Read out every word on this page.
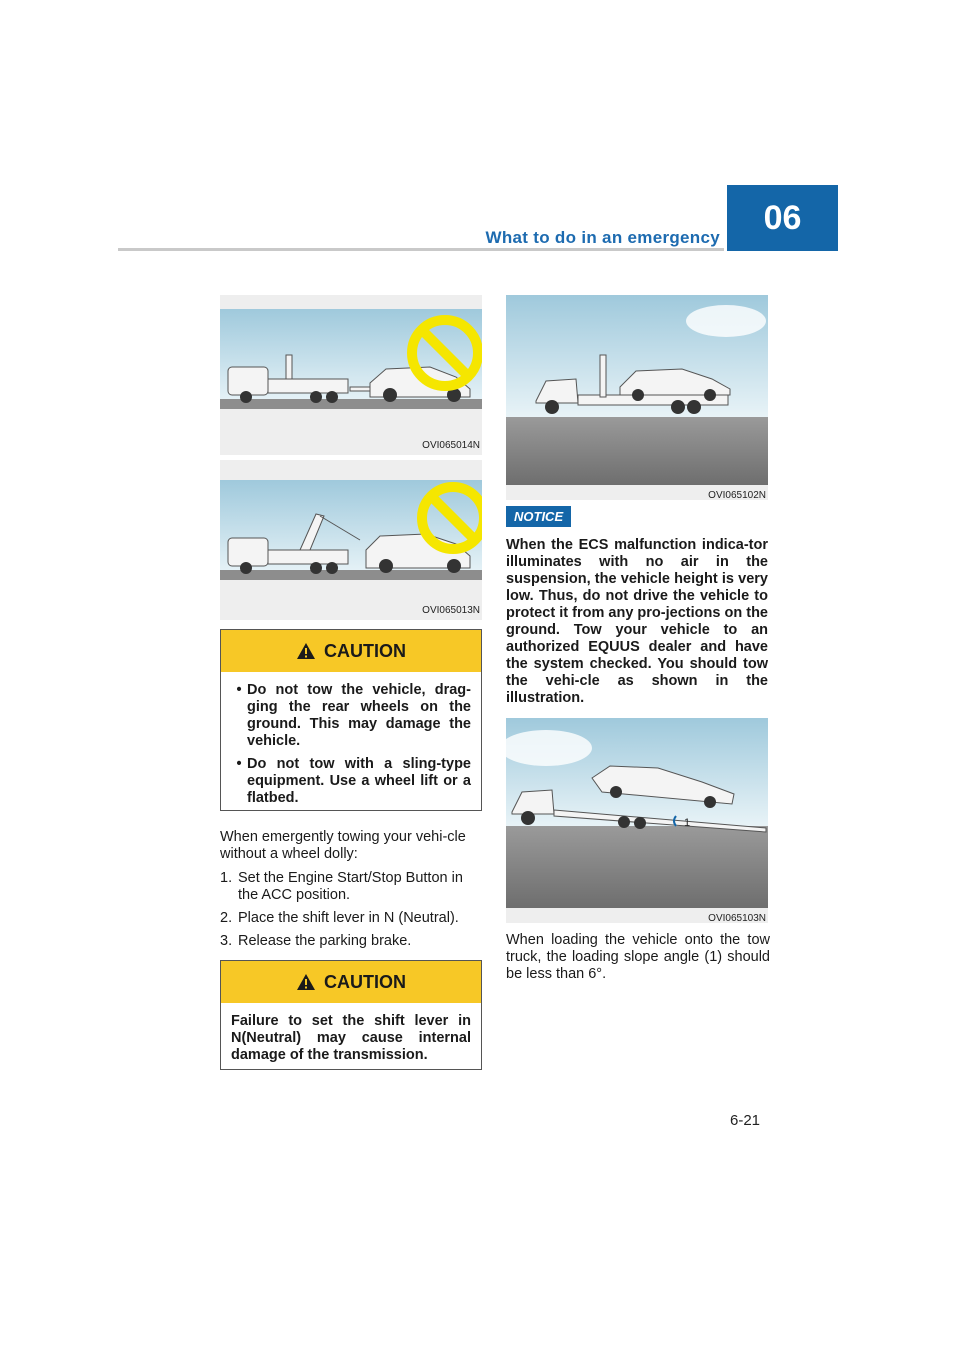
What to do in an emergency
06
OVI065014N
OVI065013N
CAUTION
• Do not tow the vehicle, drag-ging the rear wheels on the ground. This may damage the vehicle.
• Do not tow with a sling-type equipment. Use a wheel lift or a flatbed.
When emergently towing your vehi-cle without a wheel dolly:
1. Set the Engine Start/Stop Button in the ACC position.
2. Place the shift lever in N (Neutral).
3. Release the parking brake.
CAUTION
Failure to set the shift lever in N(Neutral) may cause internal damage of the transmission.
OVI065102N
NOTICE
When the ECS malfunction indica-tor illuminates with no air in the suspension, the vehicle height is very low. Thus, do not drive the vehicle to protect it from any pro-jections on the ground. Tow your vehicle to an authorized EQUUS dealer and have the system checked. You should tow the vehi-cle as shown in the illustration.
1
OVI065103N
When loading the vehicle onto the tow truck, the loading slope angle (1) should be less than 6°.
6-21
